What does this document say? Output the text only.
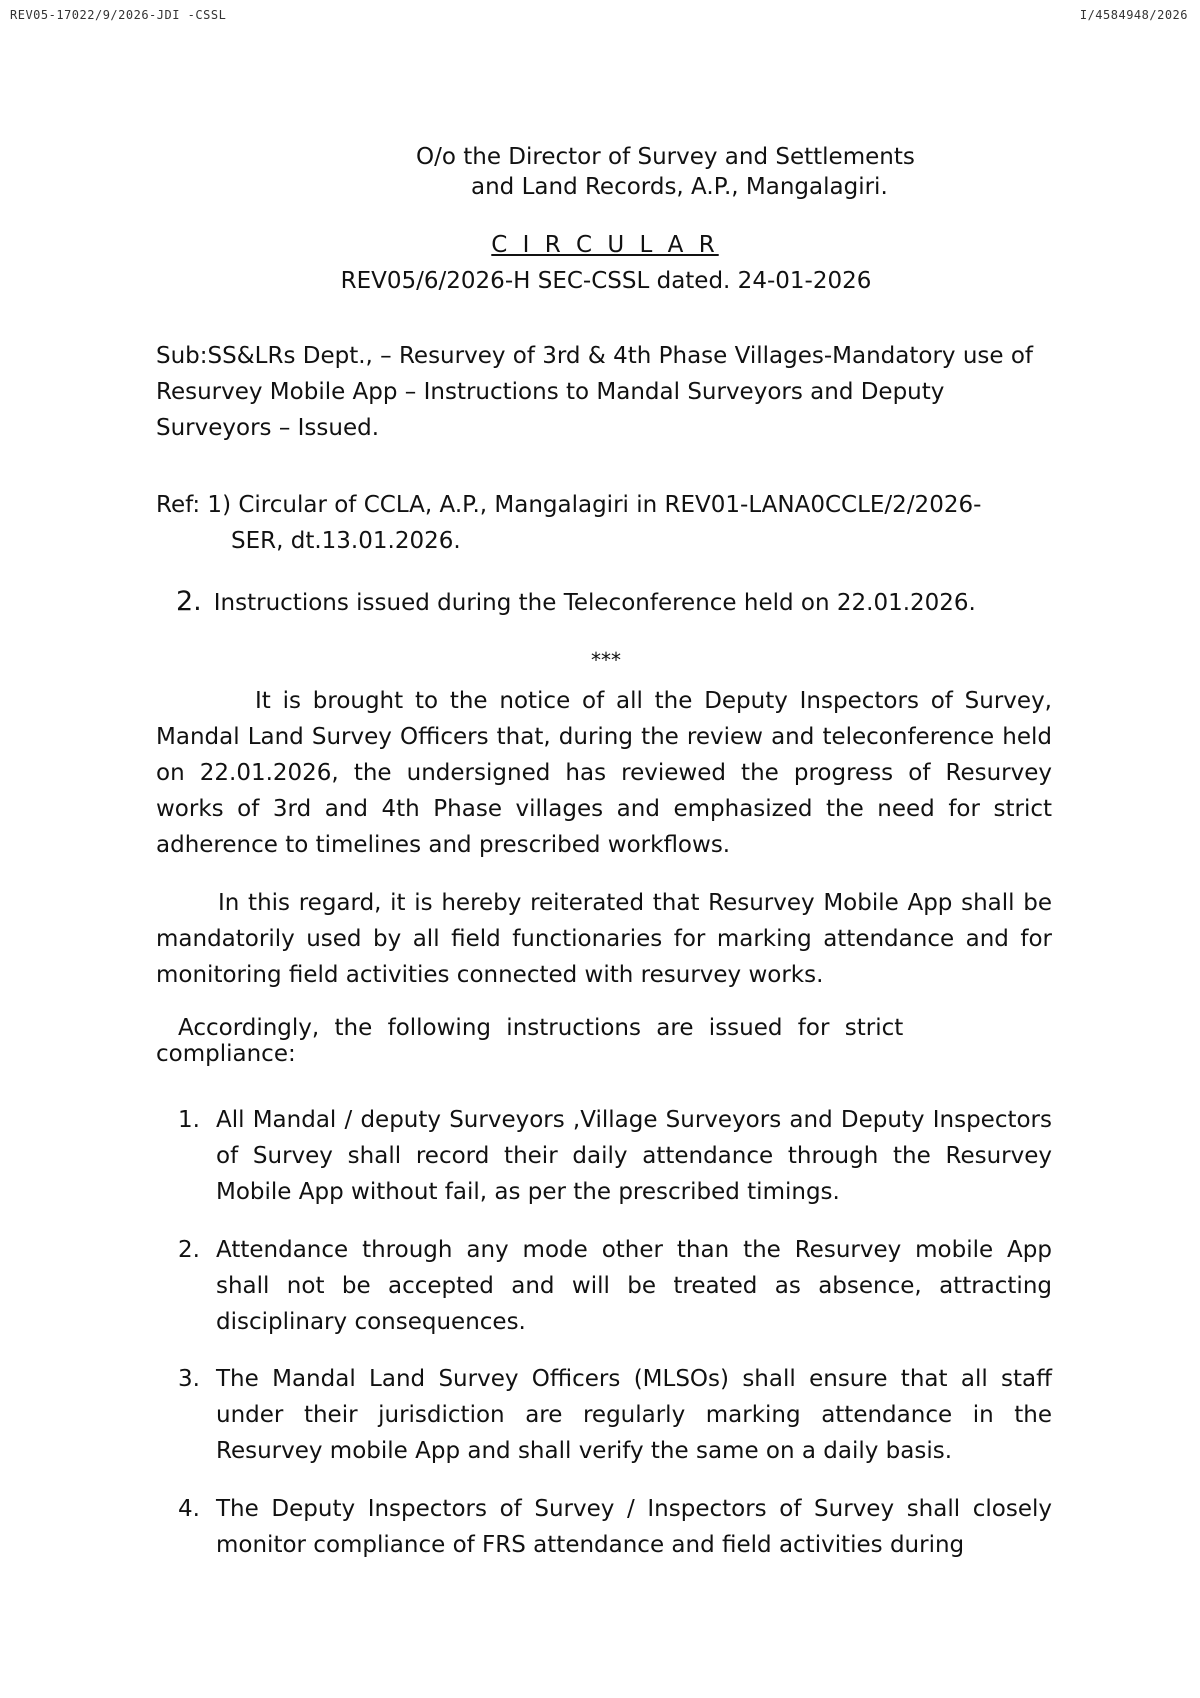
REV05-17022/9/2026-JDI -CSSL	I/4584948/2026
O/o the Director of Survey and Settlements
and Land Records, A.P., Mangalagiri.
C I R C U L A R
REV05/6/2026-H SEC-CSSL dated. 24-01-2026
Sub:SS&LRs Dept., – Resurvey of 3rd & 4th Phase Villages-Mandatory use of Resurvey Mobile App – Instructions to Mandal Surveyors and Deputy Surveyors – Issued.
Ref: 1) Circular of CCLA, A.P., Mangalagiri in REV01-LANA0CCLE/2/2026-
SER, dt.13.01.2026.
2. Instructions issued during the Teleconference held on 22.01.2026.
***
It is brought to the notice of all the Deputy Inspectors of Survey, Mandal Land Survey Officers that, during the review and teleconference held on 22.01.2026, the undersigned has reviewed the progress of Resurvey works of 3rd and 4th Phase villages and emphasized the need for strict adherence to timelines and prescribed workflows.
In this regard, it is hereby reiterated that Resurvey Mobile App shall be mandatorily used by all field functionaries for marking attendance and for monitoring field activities connected with resurvey works.
Accordingly, the following instructions are issued for strict
compliance:
1. All Mandal / deputy Surveyors ,Village Surveyors and Deputy Inspectors of Survey shall record their daily attendance through the Resurvey Mobile App without fail, as per the prescribed timings.
2. Attendance through any mode other than the Resurvey mobile App shall not be accepted and will be treated as absence, attracting disciplinary consequences.
3. The Mandal Land Survey Officers (MLSOs) shall ensure that all staff under their jurisdiction are regularly marking attendance in the Resurvey mobile App and shall verify the same on a daily basis.
4. The Deputy Inspectors of Survey / Inspectors of Survey shall closely monitor compliance of FRS attendance and field activities during
